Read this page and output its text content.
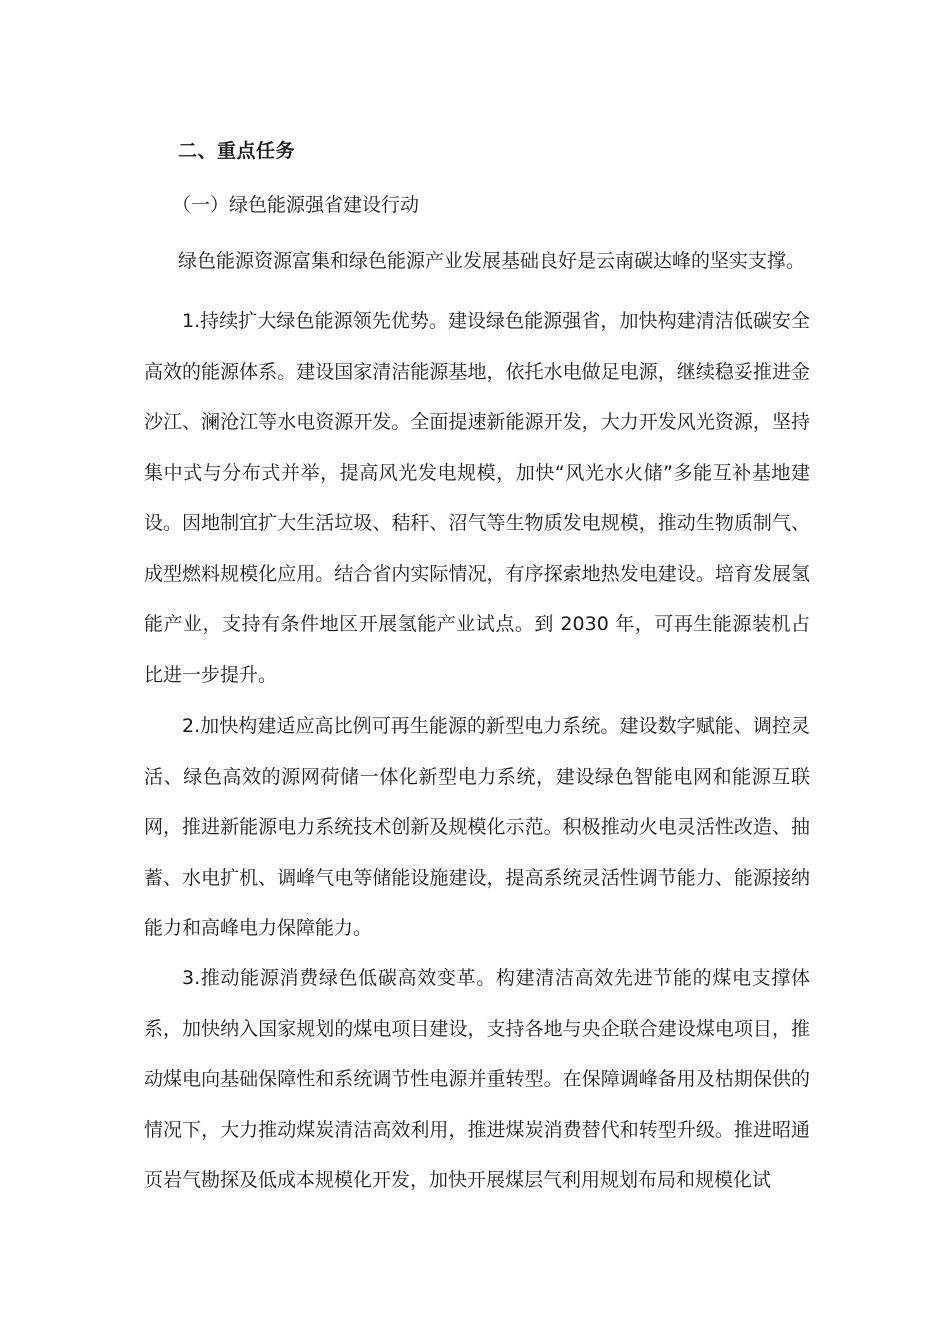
二、重点任务
（一）绿色能源强省建设行动
绿色能源资源富集和绿色能源产业发展基础良好是云南碳达峰的坚实支撑。

1.持续扩大绿色能源领先优势。建设绿色能源强省，加快构建清洁低碳安全高效的能源体系。建设国家清洁能源基地，依托水电做足电源，继续稳妥推进金沙江、澜沧江等水电资源开发。全面提速新能源开发，大力开发风光资源，坚持集中式与分布式并举，提高风光发电规模，加快“风光水火储”多能互补基地建设。因地制宜扩大生活垃圾、秸秆、沼气等生物质发电规模，推动生物质制气、成型燃料规模化应用。结合省内实际情况，有序探索地热发电建设。培育发展氢能产业，支持有条件地区开展氢能产业试点。到 2030 年，可再生能源装机占比进一步提升。

2.加快构建适应高比例可再生能源的新型电力系统。建设数字赋能、调控灵活、绿色高效的源网荷储一体化新型电力系统，建设绿色智能电网和能源互联网，推进新能源电力系统技术创新及规模化示范。积极推动火电灵活性改造、抽蓄、水电扩机、调峰气电等储能设施建设，提高系统灵活性调节能力、能源接纳能力和高峰电力保障能力。

3.推动能源消费绿色低碳高效变革。构建清洁高效先进节能的煤电支撑体系，加快纳入国家规划的煤电项目建设，支持各地与央企联合建设煤电项目，推动煤电向基础保障性和系统调节性电源并重转型。在保障调峰备用及枯期保供的情况下，大力推动煤炭清洁高效利用，推进煤炭消费替代和转型升级。推进昭通页岩气勘探及低成本规模化开发，加快开展煤层气利用规划布局和规模化试
